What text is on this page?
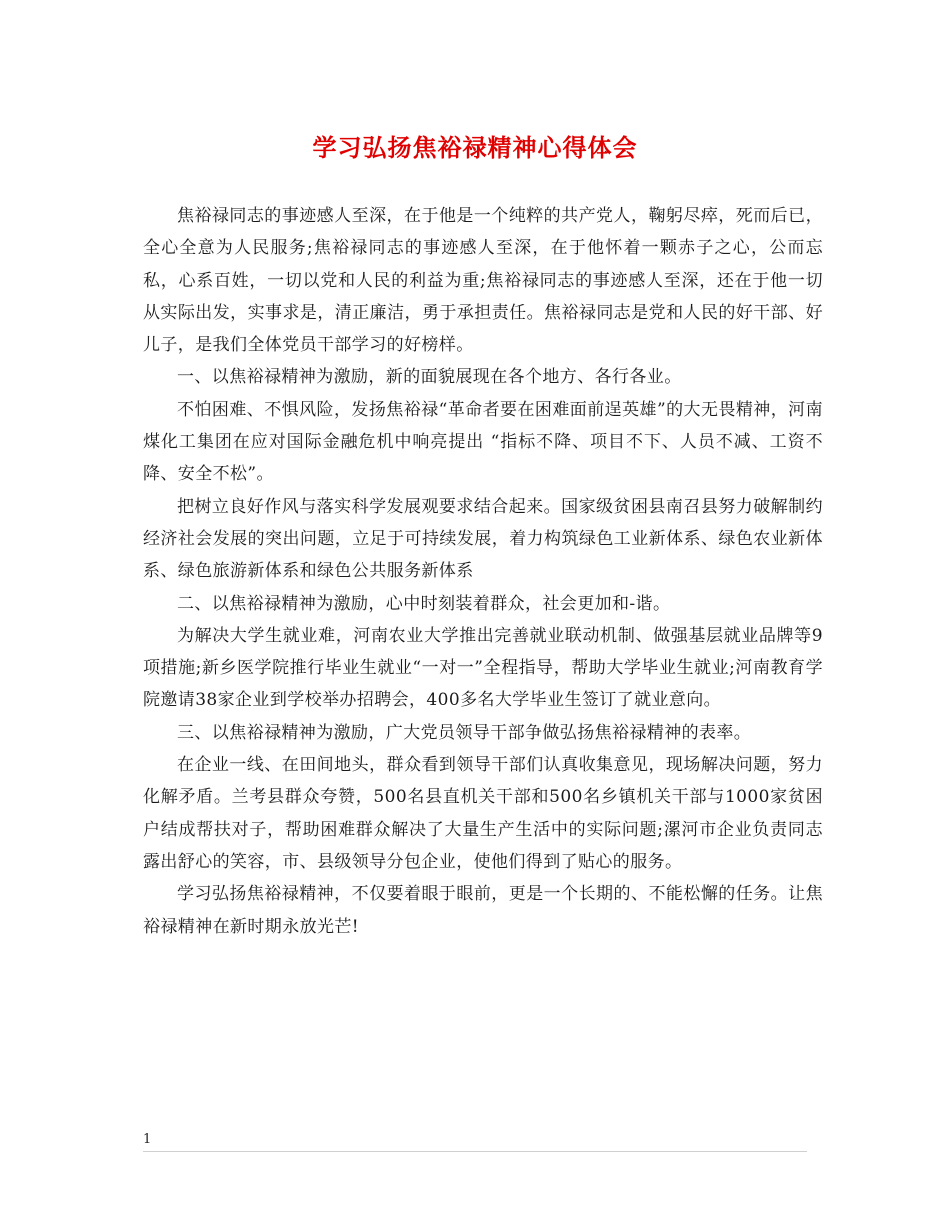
学习弘扬焦裕禄精神心得体会

焦裕禄同志的事迹感人至深，在于他是一个纯粹的共产党人，鞠躬尽瘁，死而后已，全心全意为人民服务;焦裕禄同志的事迹感人至深，在于他怀着一颗赤子之心，公而忘私，心系百姓，一切以党和人民的利益为重;焦裕禄同志的事迹感人至深，还在于他一切从实际出发，实事求是，清正廉洁，勇于承担责任。焦裕禄同志是党和人民的好干部、好儿子，是我们全体党员干部学习的好榜样。

一、以焦裕禄精神为激励，新的面貌展现在各个地方、各行各业。

不怕困难、不惧风险，发扬焦裕禄“革命者要在困难面前逞英雄”的大无畏精神，河南煤化工集团在应对国际金融危机中响亮提出 “指标不降、项目不下、人员不减、工资不降、安全不松”。

把树立良好作风与落实科学发展观要求结合起来。国家级贫困县南召县努力破解制约经济社会发展的突出问题，立足于可持续发展，着力构筑绿色工业新体系、绿色农业新体系、绿色旅游新体系和绿色公共服务新体系

二、以焦裕禄精神为激励，心中时刻装着群众，社会更加和-谐。

为解决大学生就业难，河南农业大学推出完善就业联动机制、做强基层就业品牌等9项措施;新乡医学院推行毕业生就业“一对一”全程指导，帮助大学毕业生就业;河南教育学院邀请38家企业到学校举办招聘会，400多名大学毕业生签订了就业意向。

三、以焦裕禄精神为激励，广大党员领导干部争做弘扬焦裕禄精神的表率。

在企业一线、在田间地头，群众看到领导干部们认真收集意见，现场解决问题，努力化解矛盾。兰考县群众夸赞，500名县直机关干部和500名乡镇机关干部与1000家贫困户结成帮扶对子，帮助困难群众解决了大量生产生活中的实际问题;漯河市企业负责同志露出舒心的笑容，市、县级领导分包企业，使他们得到了贴心的服务。

学习弘扬焦裕禄精神，不仅要着眼于眼前，更是一个长期的、不能松懈的任务。让焦裕禄精神在新时期永放光芒!

1
